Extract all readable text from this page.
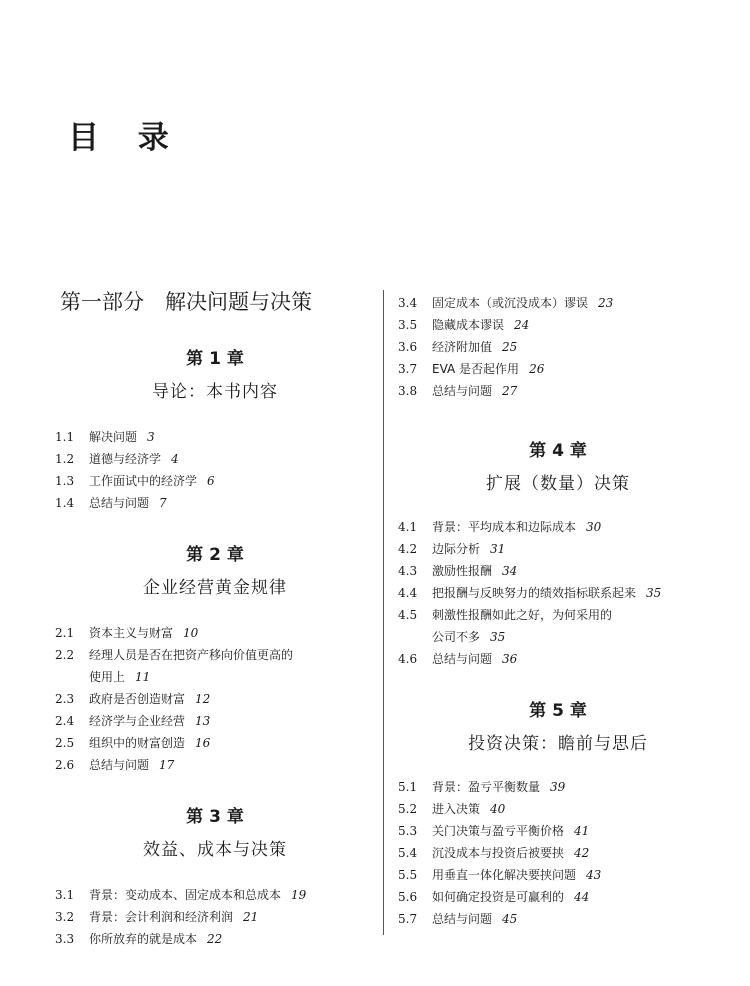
目 录
第一部分　解决问题与决策
第 1 章
导论：本书内容
1.1	解决问题 3
1.2	道德与经济学 4
1.3	工作面试中的经济学 6
1.4	总结与问题 7
第 2 章
企业经营黄金规律
2.1	资本主义与财富 10
2.2	经理人员是否在把资产移向价值更高的
使用上 11
2.3	政府是否创造财富 12
2.4	经济学与企业经营 13
2.5	组织中的财富创造 16
2.6	总结与问题 17
第 3 章
效益、成本与决策
3.1	背景：变动成本、固定成本和总成本 19
3.2	背景：会计利润和经济利润 21
3.3	你所放弃的就是成本 22
3.4	固定成本（或沉没成本）谬误 23
3.5	隐藏成本谬误 24
3.6	经济附加值 25
3.7	EVA 是否起作用 26
3.8	总结与问题 27
第 4 章
扩展（数量）决策
4.1	背景：平均成本和边际成本 30
4.2	边际分析 31
4.3	激励性报酬 34
4.4	把报酬与反映努力的绩效指标联系起来 35
4.5	刺激性报酬如此之好，为何采用的
公司不多 35
4.6	总结与问题 36
第 5 章
投资决策：瞻前与思后
5.1	背景：盈亏平衡数量 39
5.2	进入决策 40
5.3	关门决策与盈亏平衡价格 41
5.4	沉没成本与投资后被要挟 42
5.5	用垂直一体化解决要挟问题 43
5.6	如何确定投资是可赢利的 44
5.7	总结与问题 45
